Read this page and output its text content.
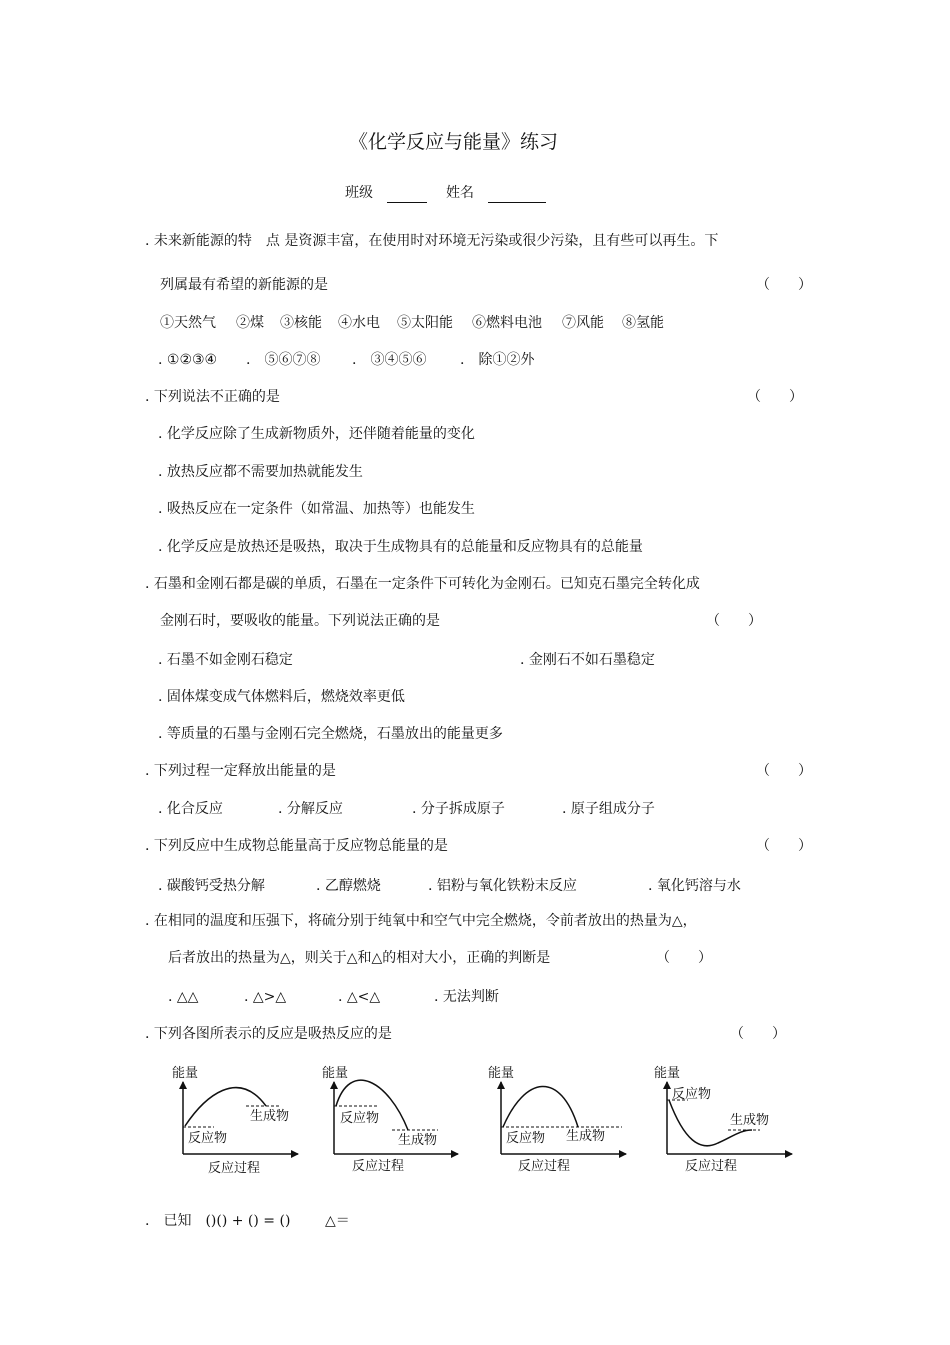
《化学反应与能量》练习
班级	姓名
. 未来新能源的特　点 是资源丰富，在使用时对环境无污染或很少污染，且有些可以再生。下
列属最有希望的新能源的是	（　　）
①天然气 ②煤 ③核能 ④水电 ⑤太阳能 ⑥燃料电池 ⑦风能 ⑧氢能
. ①②③④ .　⑤⑥⑦⑧ .　③④⑤⑥ .　除①②外
. 下列说法不正确的是	（　　）
. 化学反应除了生成新物质外，还伴随着能量的变化
. 放热反应都不需要加热就能发生
. 吸热反应在一定条件（如常温、加热等）也能发生
. 化学反应是放热还是吸热，取决于生成物具有的总能量和反应物具有的总能量
. 石墨和金刚石都是碳的单质，石墨在一定条件下可转化为金刚石。已知克石墨完全转化成
金刚石时，要吸收的能量。下列说法正确的是	（　　）
. 石墨不如金刚石稳定	. 金刚石不如石墨稳定
. 固体煤变成气体燃料后，燃烧效率更低
. 等质量的石墨与金刚石完全燃烧，石墨放出的能量更多
. 下列过程一定释放出能量的是	（　　）
. 化合反应	. 分解反应	. 分子拆成原子	. 原子组成分子
. 下列反应中生成物总能量高于反应物总能量的是	（　　）
. 碳酸钙受热分解	. 乙醇燃烧	. 铝粉与氧化铁粉末反应	. 氧化钙溶与水
. 在相同的温度和压强下，将硫分别于纯氧中和空气中完全燃烧，令前者放出的热量为△，
后者放出的热量为△，则关于△和△的相对大小，正确的判断是	（　　）
. △△	. △>△	. △<△	. 无法判断
. 下列各图所表示的反应是吸热反应的是	（　　）
能量
反应物
生成物
反应过程
能量
反应物
生成物
反应过程
能量
反应物 生成物
反应过程
能量
反应物
生成物
反应过程
.　已知　()() + () = () △＝
